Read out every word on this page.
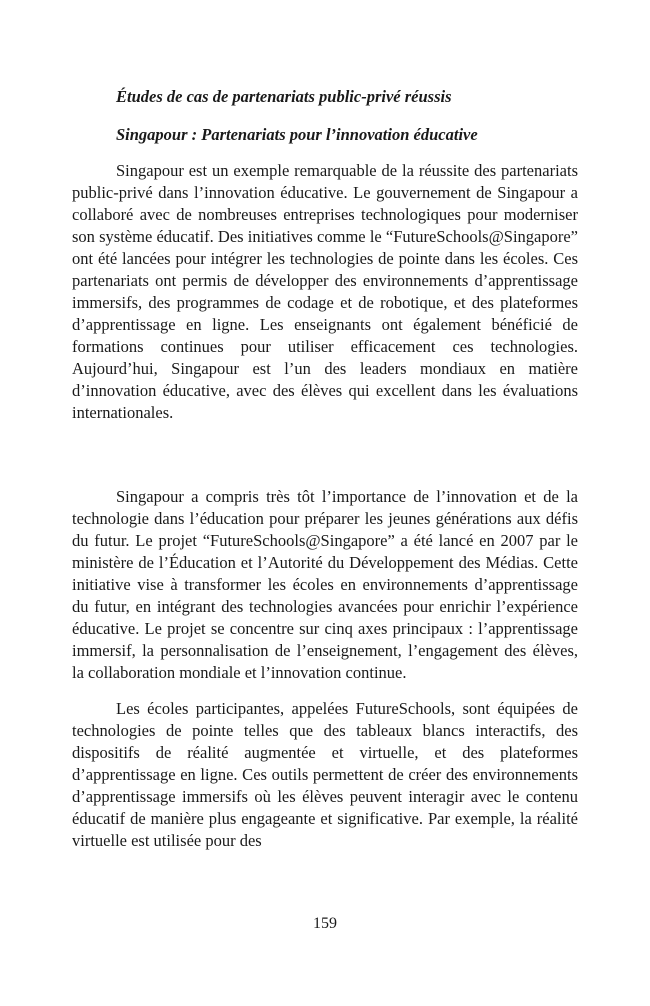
Études de cas de partenariats public-privé réussis

Singapour : Partenariats pour l’innovation éducative

Singapour est un exemple remarquable de la réussite des partenariats public-privé dans l’innovation éducative. Le gouvernement de Singapour a collaboré avec de nombreuses entreprises technologiques pour moderniser son système éducatif. Des initiatives comme le “FutureSchools@Singapore” ont été lancées pour intégrer les technologies de pointe dans les écoles. Ces partenariats ont permis de développer des environnements d’apprentissage immersifs, des programmes de codage et de robotique, et des plateformes d’apprentissage en ligne. Les enseignants ont également bénéficié de formations continues pour utiliser efficacement ces technologies. Aujourd’hui, Singapour est l’un des leaders mondiaux en matière d’innovation éducative, avec des élèves qui excellent dans les évaluations internationales.

Singapour a compris très tôt l’importance de l’innovation et de la technologie dans l’éducation pour préparer les jeunes générations aux défis du futur. Le projet “FutureSchools@Singapore” a été lancé en 2007 par le ministère de l’Éducation et l’Autorité du Développement des Médias. Cette initiative vise à transformer les écoles en environnements d’apprentissage du futur, en intégrant des technologies avancées pour enrichir l’expérience éducative. Le projet se concentre sur cinq axes principaux : l’apprentissage immersif, la personnalisation de l’enseignement, l’engagement des élèves, la collaboration mondiale et l’innovation continue.

Les écoles participantes, appelées FutureSchools, sont équipées de technologies de pointe telles que des tableaux blancs interactifs, des dispositifs de réalité augmentée et virtuelle, et des plateformes d’apprentissage en ligne. Ces outils permettent de créer des environnements d’apprentissage immersifs où les élèves peuvent interagir avec le contenu éducatif de manière plus engageante et significative. Par exemple, la réalité virtuelle est utilisée pour des

159
